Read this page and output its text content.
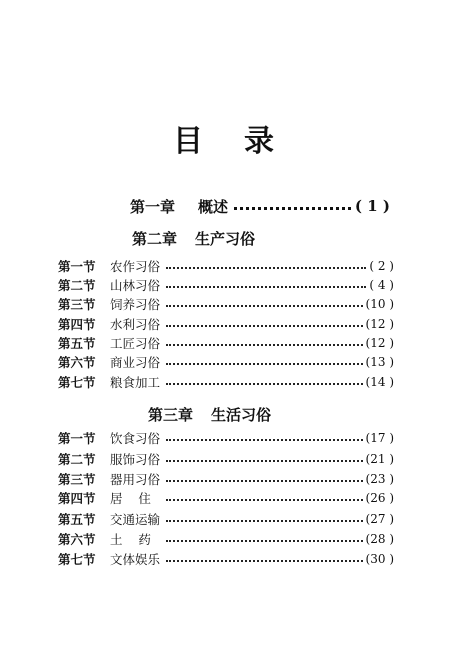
目 录
第一章	概述	( 1 )
第二章 生产习俗
第一节	农作习俗	( 2 )
第二节	山林习俗	( 4 )
第三节	饲养习俗	(10 )
第四节	水利习俗	(12 )
第五节	工匠习俗	(12 )
第六节	商业习俗	(13 )
第七节	粮食加工	(14 )
第三章 生活习俗
第一节	饮食习俗	(17 )
第二节	服饰习俗	(21 )
第三节	器用习俗	(23 )
第四节	居    住	(26 )
第五节	交通运输	(27 )
第六节	土    药	(28 )
第七节	文体娱乐	(30 )
